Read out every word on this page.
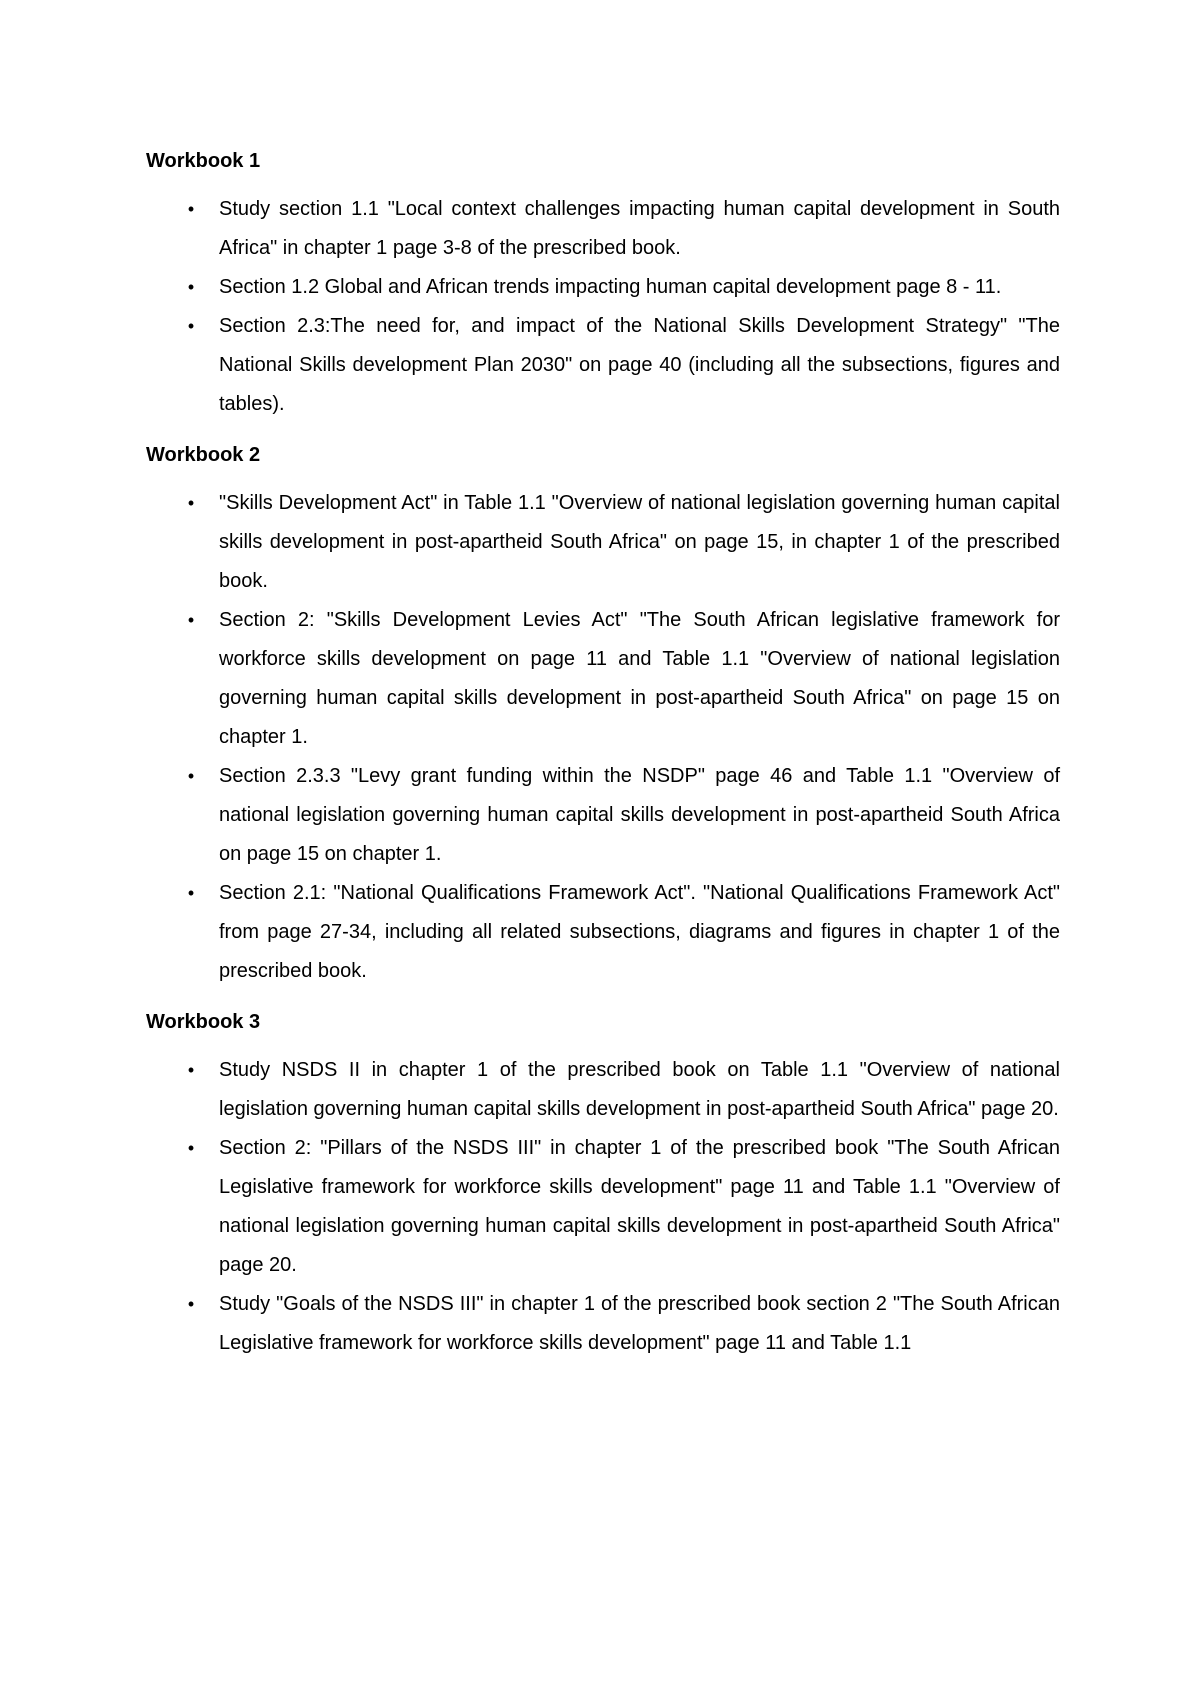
Workbook 1

• Study section 1.1 "Local context challenges impacting human capital development in South Africa" in chapter 1 page 3-8 of the prescribed book.
• Section 1.2 Global and African trends impacting human capital development page 8 - 11.
• Section 2.3:The need for, and impact of the National Skills Development Strategy" "The National Skills development Plan 2030" on page 40 (including all the subsections, figures and tables).

Workbook 2

• "Skills Development Act" in Table 1.1 "Overview of national legislation governing human capital skills development in post-apartheid South Africa" on page 15, in chapter 1 of the prescribed book.
• Section 2: "Skills Development Levies Act" "The South African legislative framework for workforce skills development on page 11 and Table 1.1 "Overview of national legislation governing human capital skills development in post-apartheid South Africa" on page 15 on chapter 1.
• Section 2.3.3 "Levy grant funding within the NSDP" page 46 and Table 1.1 "Overview of national legislation governing human capital skills development in post-apartheid South Africa on page 15 on chapter 1.
• Section 2.1: "National Qualifications Framework Act". "National Qualifications Framework Act" from page 27-34, including all related subsections, diagrams and figures in chapter 1 of the prescribed book.

Workbook 3

• Study NSDS II in chapter 1 of the prescribed book on Table 1.1 "Overview of national legislation governing human capital skills development in post-apartheid South Africa" page 20.
• Section 2: "Pillars of the NSDS III" in chapter 1 of the prescribed book "The South African Legislative framework for workforce skills development" page 11 and Table 1.1 "Overview of national legislation governing human capital skills development in post-apartheid South Africa" page 20.
• Study "Goals of the NSDS III" in chapter 1 of the prescribed book section 2 "The South African Legislative framework for workforce skills development" page 11 and Table 1.1
